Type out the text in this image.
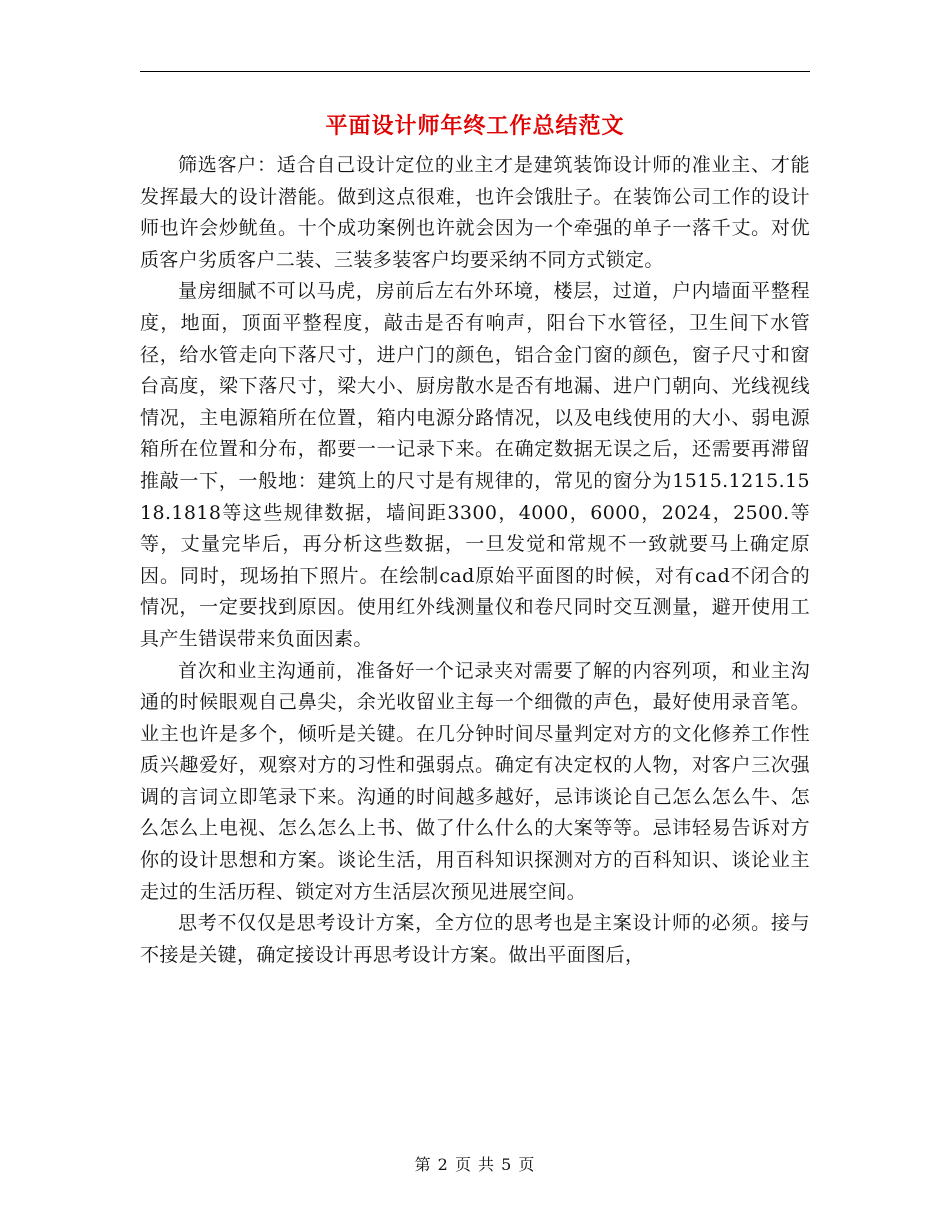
平面设计师年终工作总结范文

筛选客户：适合自己设计定位的业主才是建筑装饰设计师的准业主、才能发挥最大的设计潜能。做到这点很难，也许会饿肚子。在装饰公司工作的设计师也许会炒鱿鱼。十个成功案例也许就会因为一个牵强的单子一落千丈。对优质客户劣质客户二装、三装多装客户均要采纳不同方式锁定。

量房细腻不可以马虎，房前后左右外环境，楼层，过道，户内墙面平整程度，地面，顶面平整程度，敲击是否有响声，阳台下水管径，卫生间下水管径，给水管走向下落尺寸，进户门的颜色，铝合金门窗的颜色，窗子尺寸和窗台高度，梁下落尺寸，梁大小、厨房散水是否有地漏、进户门朝向、光线视线情况，主电源箱所在位置，箱内电源分路情况，以及电线使用的大小、弱电源箱所在位置和分布，都要一一记录下来。在确定数据无误之后，还需要再滞留推敲一下，一般地：建筑上的尺寸是有规律的，常见的窗分为1515.1215.1518.1818等这些规律数据，墙间距3300，4000，6000，2024，2500.等等，丈量完毕后，再分析这些数据，一旦发觉和常规不一致就要马上确定原因。同时，现场拍下照片。在绘制cad原始平面图的时候，对有cad不闭合的情况，一定要找到原因。使用红外线测量仪和卷尺同时交互测量，避开使用工具产生错误带来负面因素。

首次和业主沟通前，准备好一个记录夹对需要了解的内容列项，和业主沟通的时候眼观自己鼻尖，余光收留业主每一个细微的声色，最好使用录音笔。业主也许是多个，倾听是关键。在几分钟时间尽量判定对方的文化修养工作性质兴趣爱好，观察对方的习性和强弱点。确定有决定权的人物，对客户三次强调的言词立即笔录下来。沟通的时间越多越好，忌讳谈论自己怎么怎么牛、怎么怎么上电视、怎么怎么上书、做了什么什么的大案等等。忌讳轻易告诉对方你的设计思想和方案。谈论生活，用百科知识探测对方的百科知识、谈论业主走过的生活历程、锁定对方生活层次预见进展空间。

思考不仅仅是思考设计方案，全方位的思考也是主案设计师的必须。接与不接是关键，确定接设计再思考设计方案。做出平面图后，

第 2 页 共 5 页
